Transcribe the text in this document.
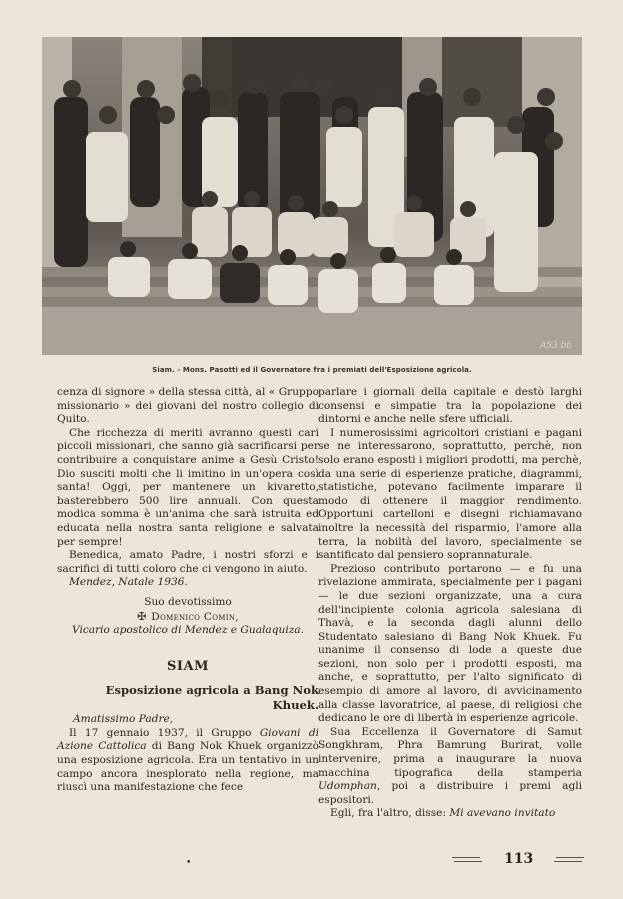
A53 bb
Siam. - Mons. Pasotti ed il Governatore fra i premiati dell'Esposizione agricola.

cenza di signore » della stessa città, al « Gruppo missionario » dei giovani del nostro collegio di Quito.

Che ricchezza di meriti avranno questi cari piccoli missionari, che sanno già sacrificarsi per contribuire a conquistare anime a Gesù Cristo! Dio susciti molti che li imitino in un'opera così santa! Oggi, per mantenere un kivaretto, basterebbero 500 lire annuali. Con questa modica somma è un'anima che sarà istruita ed educata nella nostra santa religione e salvata per sempre!

Benedica, amato Padre, i nostri sforzi e i sacrifici di tutti coloro che ci vengono in aiuto.

Mendez, Natale 1936.

Suo devotissimo

✠ Domenico Comin,

Vicario apostolico di Mendez e Gualaquiza.

SIAM
Esposizione agricola a Bang Nok Khuek.

Amatissimo Padre,

Il 17 gennaio 1937, il Gruppo Giovani di Azione Cattolica di Bang Nok Khuek organizzò una esposizione agricola. Era un tentativo in un campo ancora inesplorato nella regione, ma riuscì una manifestazione che fece

parlare i giornali della capitale e destò larghi consensi e simpatie tra la popolazione dei dintorni e anche nelle sfere ufficiali.

I numerosissimi agricoltori cristiani e pagani se ne interessarono, soprattutto, perchè, non solo erano esposti i migliori prodotti, ma perchè, da una serie di esperienze pratiche, diagrammi, statistiche, potevano facilmente imparare il modo di ottenere il maggior rendimento. Opportuni cartelloni e disegni richiamavano inoltre la necessità del risparmio, l'amore alla terra, la nobiltà del lavoro, specialmente se santificato dal pensiero soprannaturale.

Prezioso contributo portarono — e fu una rivelazione ammirata, specialmente per i pagani — le due sezioni organizzate, una a cura dell'incipiente colonia agricola salesiana di Thavà, e la seconda dagli alunni dello Studentato salesiano di Bang Nok Khuek. Fu unanime il consenso di lode a queste due sezioni, non solo per i prodotti esposti, ma anche, e soprattutto, per l'alto significato di esempio di amore al lavoro, di avvicinamento alla classe lavoratrice, al paese, di religiosi che dedicano le ore di libertà in esperienze agricole.

Sua Eccellenza il Governatore di Samut Songkhram, Phra Bamrung Burirat, volle intervenire, prima a inaugurare la nuova macchina tipografica della stamperia Udomphan, poi a distribuire i premi agli espositori.

Egli, fra l'altro, disse: Mi avevano invitato

•	113
